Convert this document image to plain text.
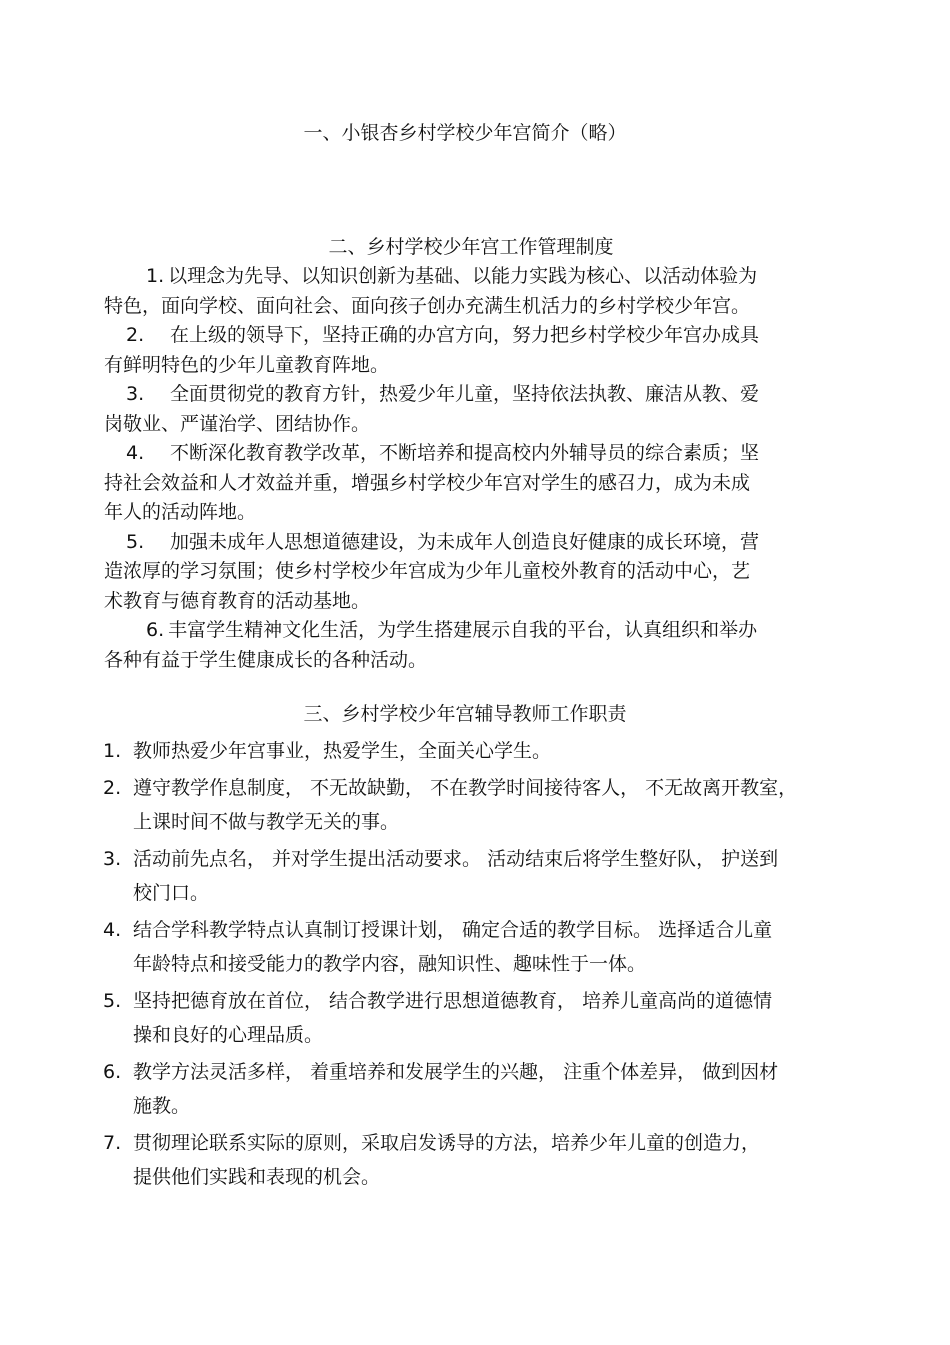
一、小银杏乡村学校少年宫简介（略）
二、乡村学校少年宫工作管理制度
1. 以理念为先导、以知识创新为基础、以能力实践为核心、以活动体验为
特色，面向学校、面向社会、面向孩子创办充满生机活力的乡村学校少年宫。
2. 在上级的领导下，坚持正确的办宫方向，努力把乡村学校少年宫办成具
有鲜明特色的少年儿童教育阵地。
3. 全面贯彻党的教育方针，热爱少年儿童，坚持依法执教、廉洁从教、爱
岗敬业、严谨治学、团结协作。
4. 不断深化教育教学改革，不断培养和提高校内外辅导员的综合素质；坚
持社会效益和人才效益并重，增强乡村学校少年宫对学生的感召力，成为未成
年人的活动阵地。
5. 加强未成年人思想道德建设，为未成年人创造良好健康的成长环境，营
造浓厚的学习氛围；使乡村学校少年宫成为少年儿童校外教育的活动中心，艺
术教育与德育教育的活动基地。
6. 丰富学生精神文化生活，为学生搭建展示自我的平台，认真组织和举办
各种有益于学生健康成长的各种活动。
三、乡村学校少年宫辅导教师工作职责
1. 教师热爱少年宫事业，热爱学生，全面关心学生。
2. 遵守教学作息制度， 不无故缺勤， 不在教学时间接待客人， 不无故离开教室，
上课时间不做与教学无关的事。
3. 活动前先点名， 并对学生提出活动要求。 活动结束后将学生整好队， 护送到
校门口。
4. 结合学科教学特点认真制订授课计划， 确定合适的教学目标。 选择适合儿童
年龄特点和接受能力的教学内容，融知识性、趣味性于一体。
5. 坚持把德育放在首位， 结合教学进行思想道德教育， 培养儿童高尚的道德情
操和良好的心理品质。
6. 教学方法灵活多样， 着重培养和发展学生的兴趣， 注重个体差异， 做到因材
施教。
7. 贯彻理论联系实际的原则，采取启发诱导的方法，培养少年儿童的创造力，
提供他们实践和表现的机会。
